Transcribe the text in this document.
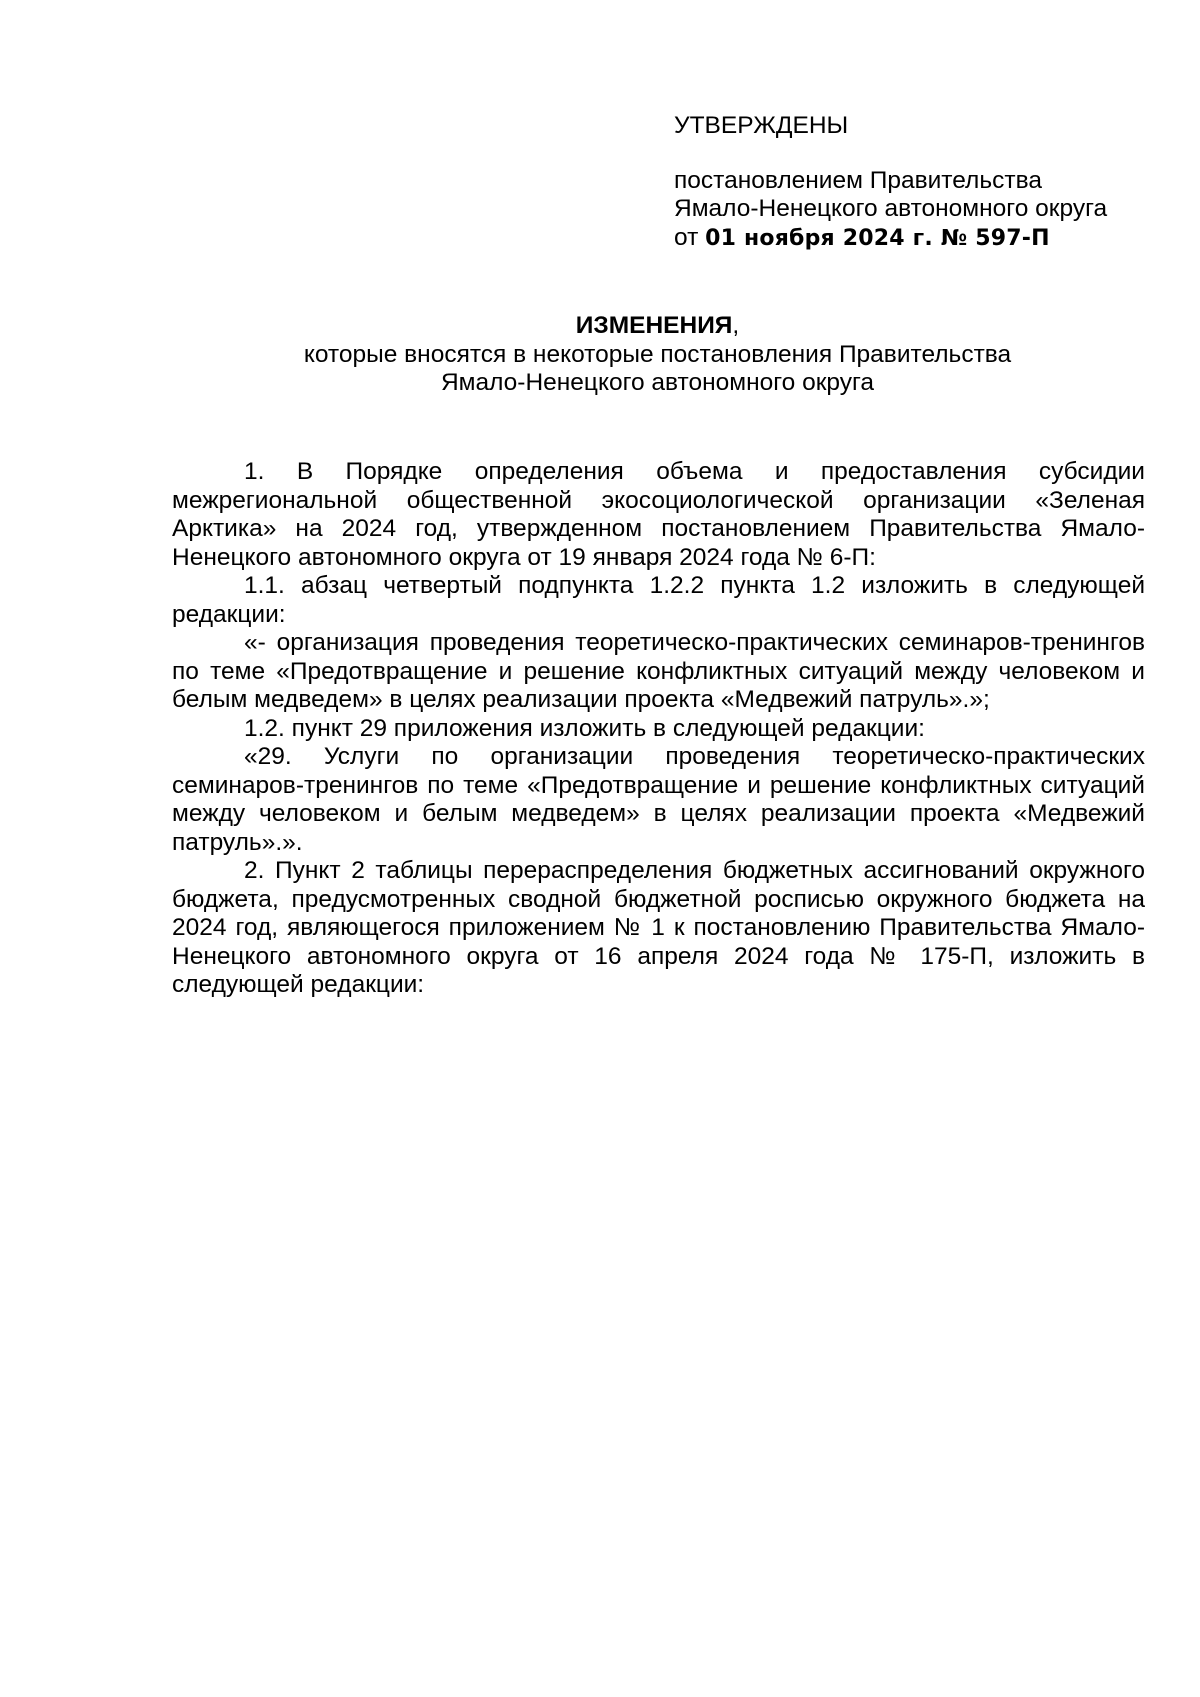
УТВЕРЖДЕНЫ
постановлением Правительства
Ямало-Ненецкого автономного округа
от 01 ноября 2024 г. № 597-П
ИЗМЕНЕНИЯ,
которые вносятся в некоторые постановления Правительства
Ямало-Ненецкого автономного округа

1. В Порядке определения объема и предоставления субсидии межрегиональной общественной экосоциологической организации «Зеленая Арктика» на 2024 год, утвержденном постановлением Правительства Ямало-Ненецкого автономного округа от 19 января 2024 года № 6-П:

1.1. абзац четвертый подпункта 1.2.2 пункта 1.2 изложить в следующей редакции:

«- организация проведения теоретическо-практических семинаров-тренингов по теме «Предотвращение и решение конфликтных ситуаций между человеком и белым медведем» в целях реализации проекта «Медвежий патруль».»;

1.2. пункт 29 приложения изложить в следующей редакции:

«29. Услуги по организации проведения теоретическо-практических семинаров-тренингов по теме «Предотвращение и решение конфликтных ситуаций между человеком и белым медведем» в целях реализации проекта «Медвежий патруль».».

2. Пункт 2 таблицы перераспределения бюджетных ассигнований окружного бюджета, предусмотренных сводной бюджетной росписью окружного бюджета на 2024 год, являющегося приложением № 1 к постановлению Правительства Ямало-Ненецкого автономного округа от 16 апреля 2024 года № 175-П, изложить в следующей редакции:
